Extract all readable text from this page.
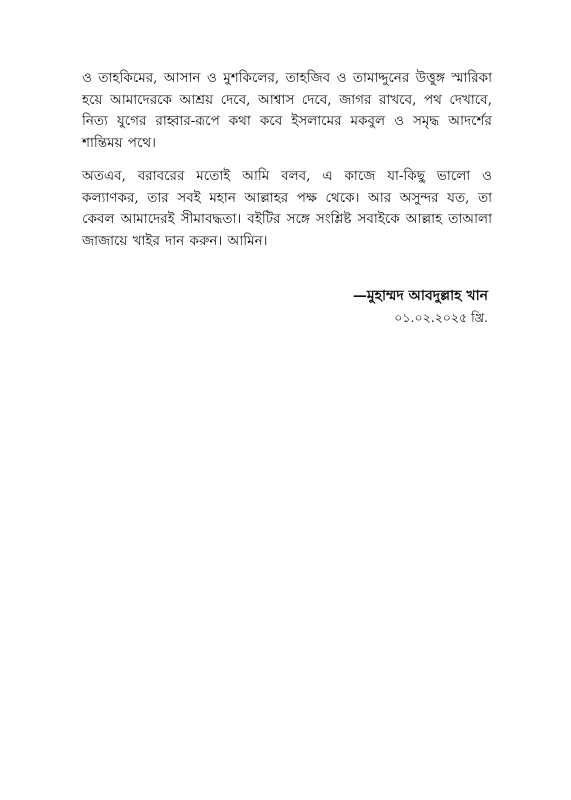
ও তাহকিমের, আসান ও মুশকিলের, তাহজিব ও তামাদ্দুনের উত্তুঙ্গ স্মারিকা হয়ে আমাদেরকে আশ্রয় দেবে, আশ্বাস দেবে, জাগর রাখবে, পথ দেখাবে, নিত্য যুগের রাহ্বার-রূপে কথা কবে ইসলামের মকবুল ও সমৃদ্ধ আদর্শের শান্তিময় পথে।

অতএব, বরাবরের মতোই আমি বলব, এ কাজে যা-কিছু ভালো ও কল্যাণকর, তার সবই মহান আল্লাহর পক্ষ থেকে। আর অসুন্দর যত, তা কেবল আমাদেরই সীমাবদ্ধতা। বইটির সঙ্গে সংশ্লিষ্ট সবাইকে আল্লাহ তাআলা জাজায়ে খাইর দান করুন। আমিন।

—মুহাম্মদ আবদুল্লাহ খান
০১.০২.২০২৫ খ্রি.
